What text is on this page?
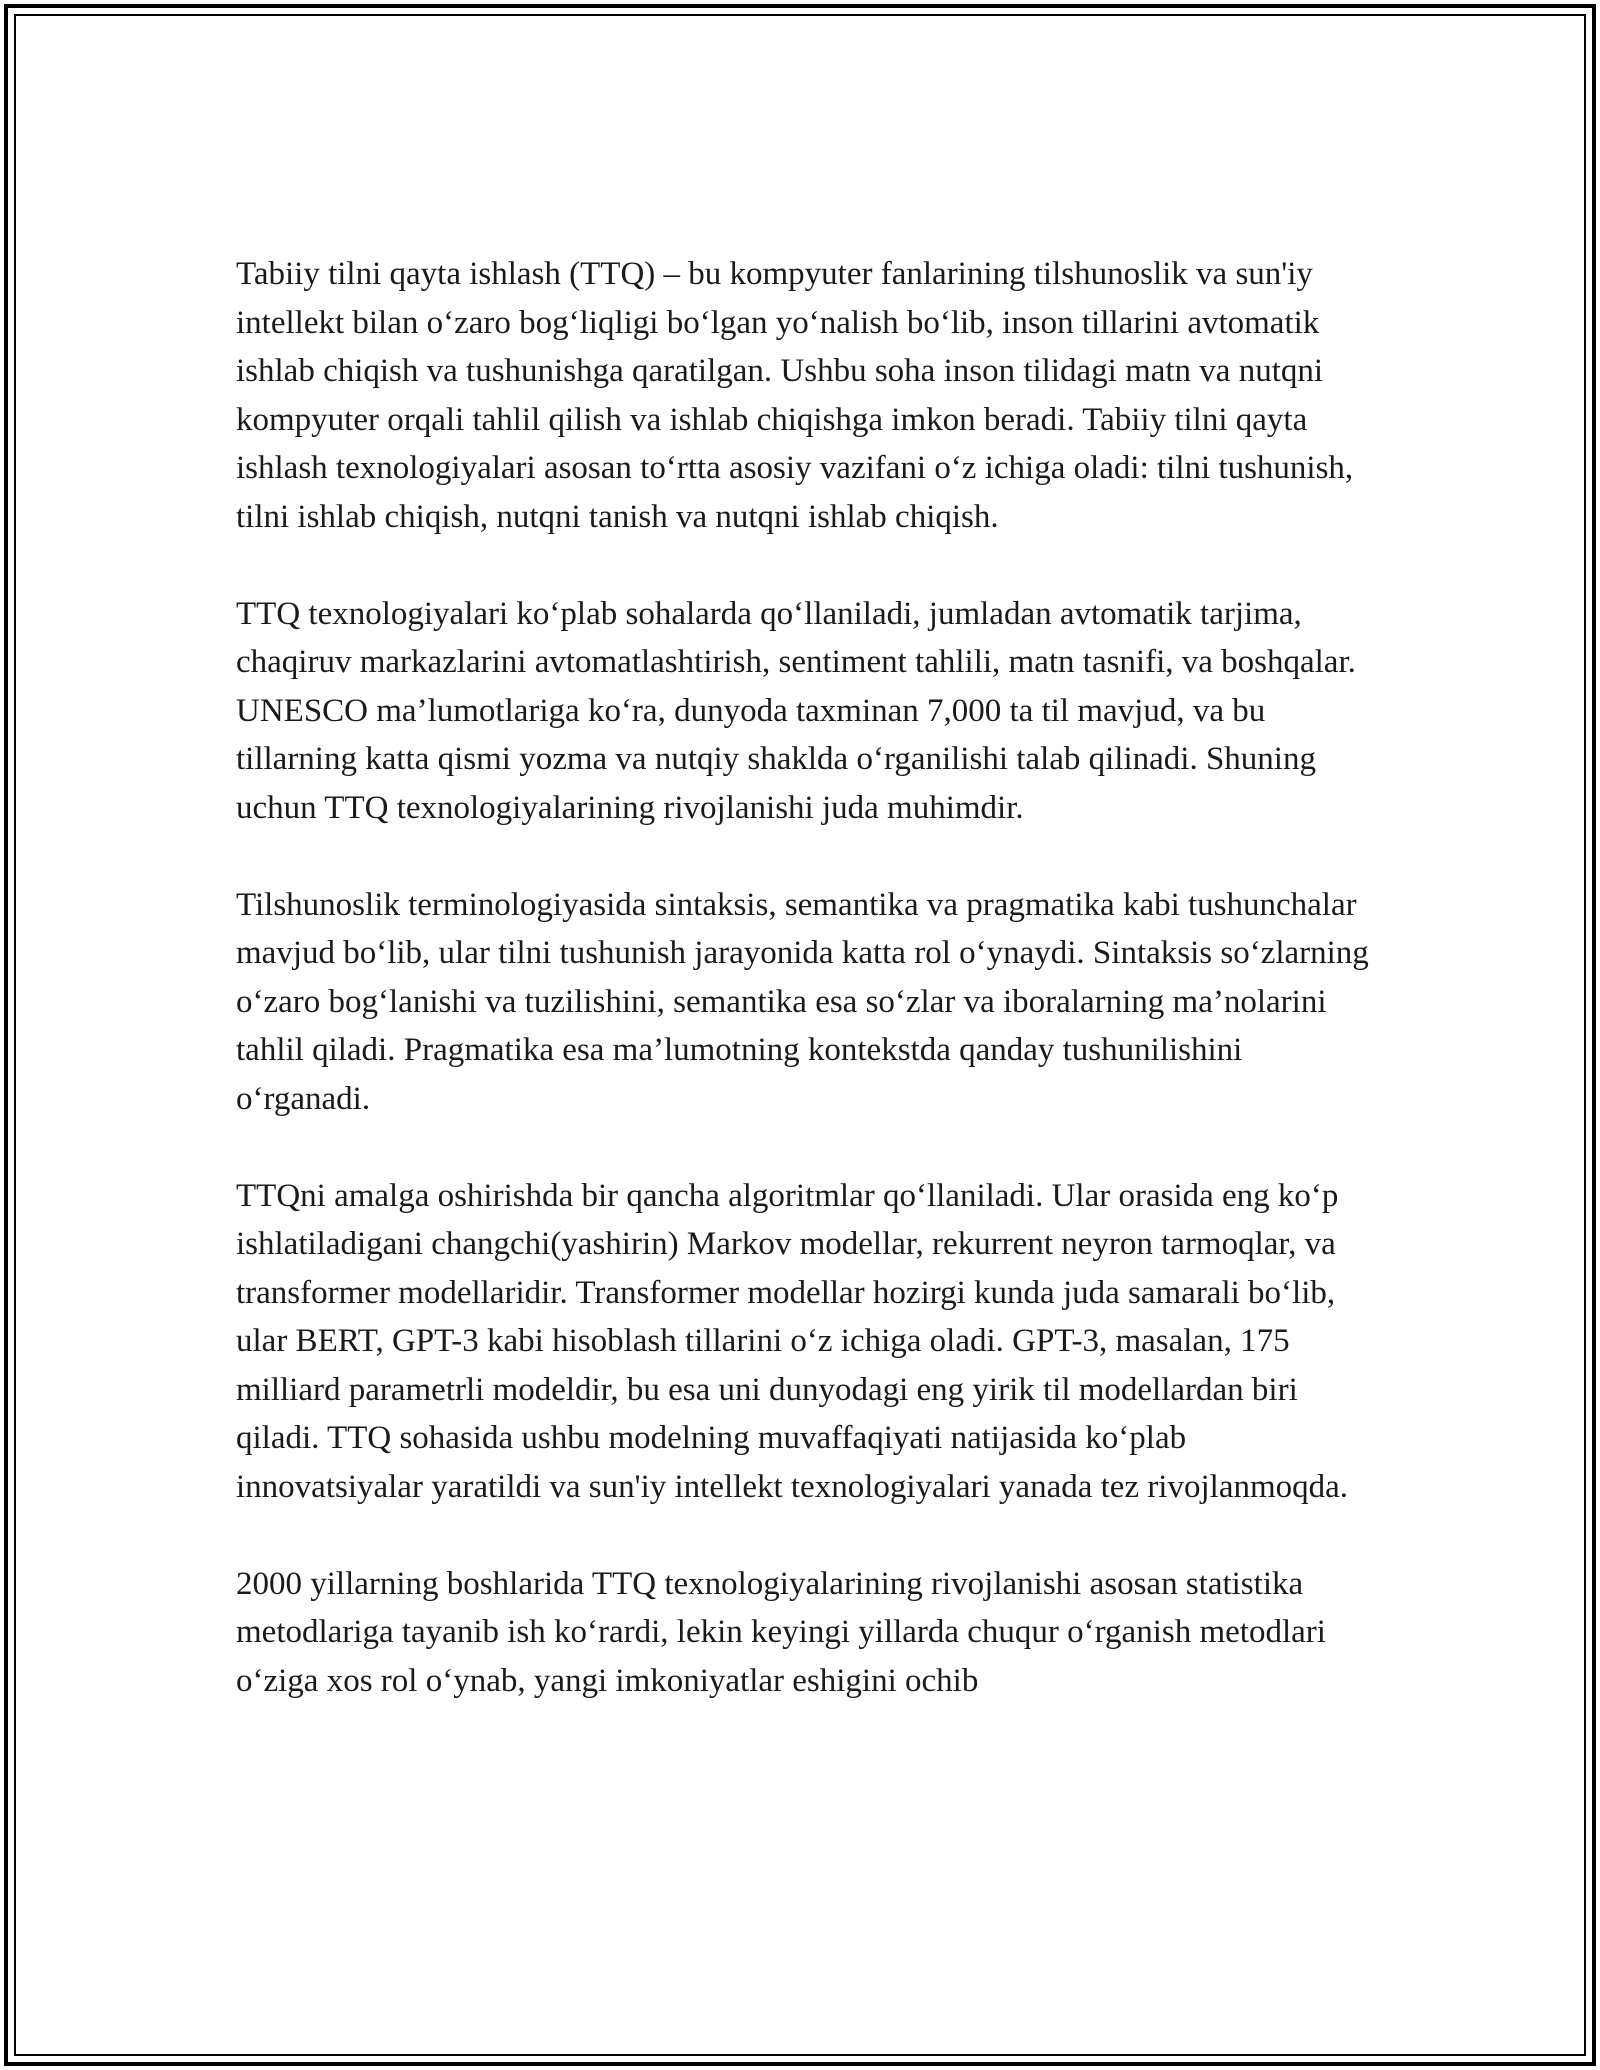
Tabiiy tilni qayta ishlash (TTQ) – bu kompyuter fanlarining tilshunoslik va sun'iy intellekt bilan o‘zaro bog‘liqligi bo‘lgan yo‘nalish bo‘lib, inson tillarini avtomatik ishlab chiqish va tushunishga qaratilgan. Ushbu soha inson tilidagi matn va nutqni kompyuter orqali tahlil qilish va ishlab chiqishga imkon beradi. Tabiiy tilni qayta ishlash texnologiyalari asosan to‘rtta asosiy vazifani o‘z ichiga oladi: tilni tushunish, tilni ishlab chiqish, nutqni tanish va nutqni ishlab chiqish.

TTQ texnologiyalari ko‘plab sohalarda qo‘llaniladi, jumladan avtomatik tarjima, chaqiruv markazlarini avtomatlashtirish, sentiment tahlili, matn tasnifi, va boshqalar. UNESCO ma’lumotlariga ko‘ra, dunyoda taxminan 7,000 ta til mavjud, va bu tillarning katta qismi yozma va nutqiy shaklda o‘rganilishi talab qilinadi. Shuning uchun TTQ texnologiyalarining rivojlanishi juda muhimdir.

Tilshunoslik terminologiyasida sintaksis, semantika va pragmatika kabi tushunchalar mavjud bo‘lib, ular tilni tushunish jarayonida katta rol o‘ynaydi. Sintaksis so‘zlarning o‘zaro bog‘lanishi va tuzilishini, semantika esa so‘zlar va iboralarning ma’nolarini tahlil qiladi. Pragmatika esa ma’lumotning kontekstda qanday tushunilishini o‘rganadi.

TTQni amalga oshirishda bir qancha algoritmlar qo‘llaniladi. Ular orasida eng ko‘p ishlatiladigani changchi(yashirin) Markov modellar, rekurrent neyron tarmoqlar, va transformer modellaridir. Transformer modellar hozirgi kunda juda samarali bo‘lib, ular BERT, GPT-3 kabi hisoblash tillarini o‘z ichiga oladi. GPT-3, masalan, 175 milliard parametrli modeldir, bu esa uni dunyodagi eng yirik til modellardan biri qiladi. TTQ sohasida ushbu modelning muvaffaqiyati natijasida ko‘plab innovatsiyalar yaratildi va sun'iy intellekt texnologiyalari yanada tez rivojlanmoqda.

2000 yillarning boshlarida TTQ texnologiyalarining rivojlanishi asosan statistika metodlariga tayanib ish ko‘rardi, lekin keyingi yillarda chuqur o‘rganish metodlari o‘ziga xos rol o‘ynab, yangi imkoniyatlar eshigini ochib
